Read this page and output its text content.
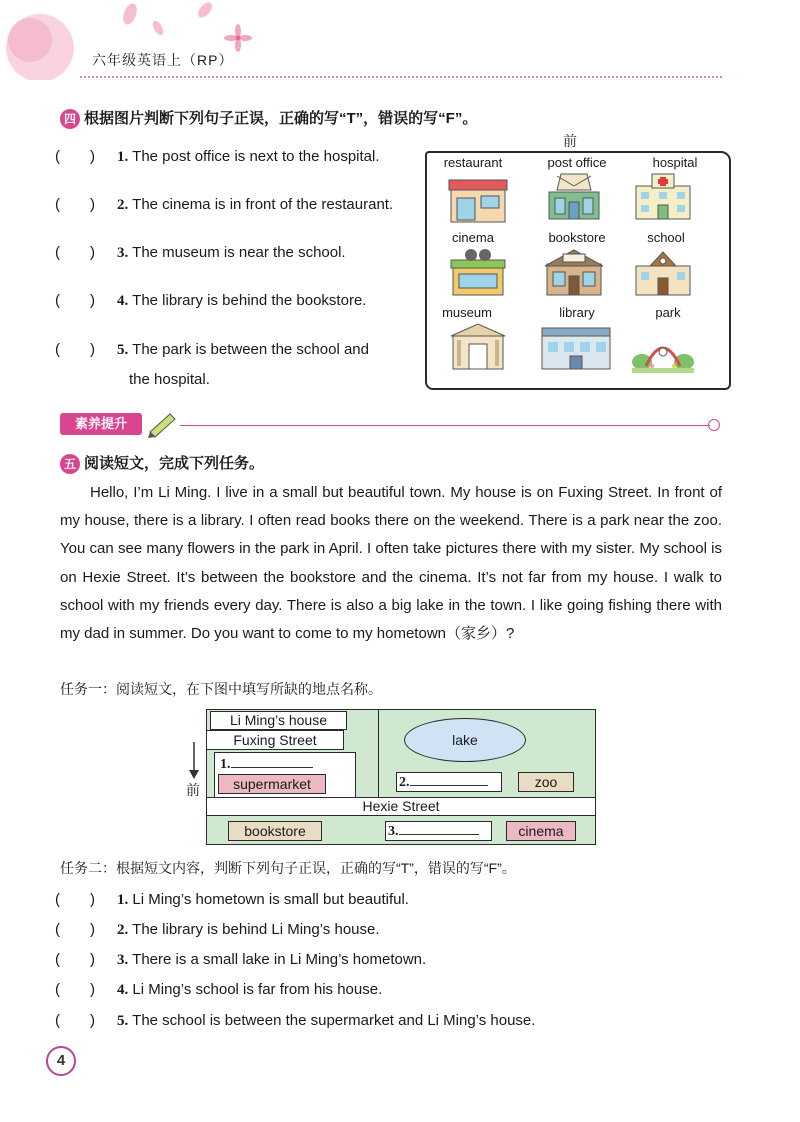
六年级英语上（RP）
四 根据图片判断下列句子正误，正确的写“T”，错误的写“F”。
(　　) 1. The post office is next to the hospital.
(　　) 2. The cinema is in front of the restaurant.
(　　) 3. The museum is near the school.
(　　) 4. The library is behind the bookstore.
(　　) 5. The park is between the school and
the hospital.
前
restaurant	post office	hospital
cinema	bookstore	school
museum	library	park
素养提升
五 阅读短文，完成下列任务。
Hello, I’m Li Ming. I live in a small but beautiful town. My house is on Fuxing Street. In front of my house, there is a library. I often read books there on the weekend. There is a park near the zoo. You can see many flowers in the park in April. I often take pictures there with my sister. My school is on Hexie Street. It’s between the bookstore and the cinema. It’s not far from my house. I walk to school with my friends every day. There is also a big lake in the town. I like going fishing there with my dad in summer. Do you want to come to my hometown（家乡）?
任务一：阅读短文，在下图中填写所缺的地点名称。
Li Ming’s house
Fuxing Street
1.
supermarket
lake
2.	zoo
前
Hexie Street
bookstore	3.	cinema
任务二：根据短文内容，判断下列句子正误，正确的写“T”，错误的写“F”。
(　　) 1. Li Ming’s hometown is small but beautiful.
(　　) 2. The library is behind Li Ming’s house.
(　　) 3. There is a small lake in Li Ming’s hometown.
(　　) 4. Li Ming’s school is far from his house.
(　　) 5. The school is between the supermarket and Li Ming’s house.
4
